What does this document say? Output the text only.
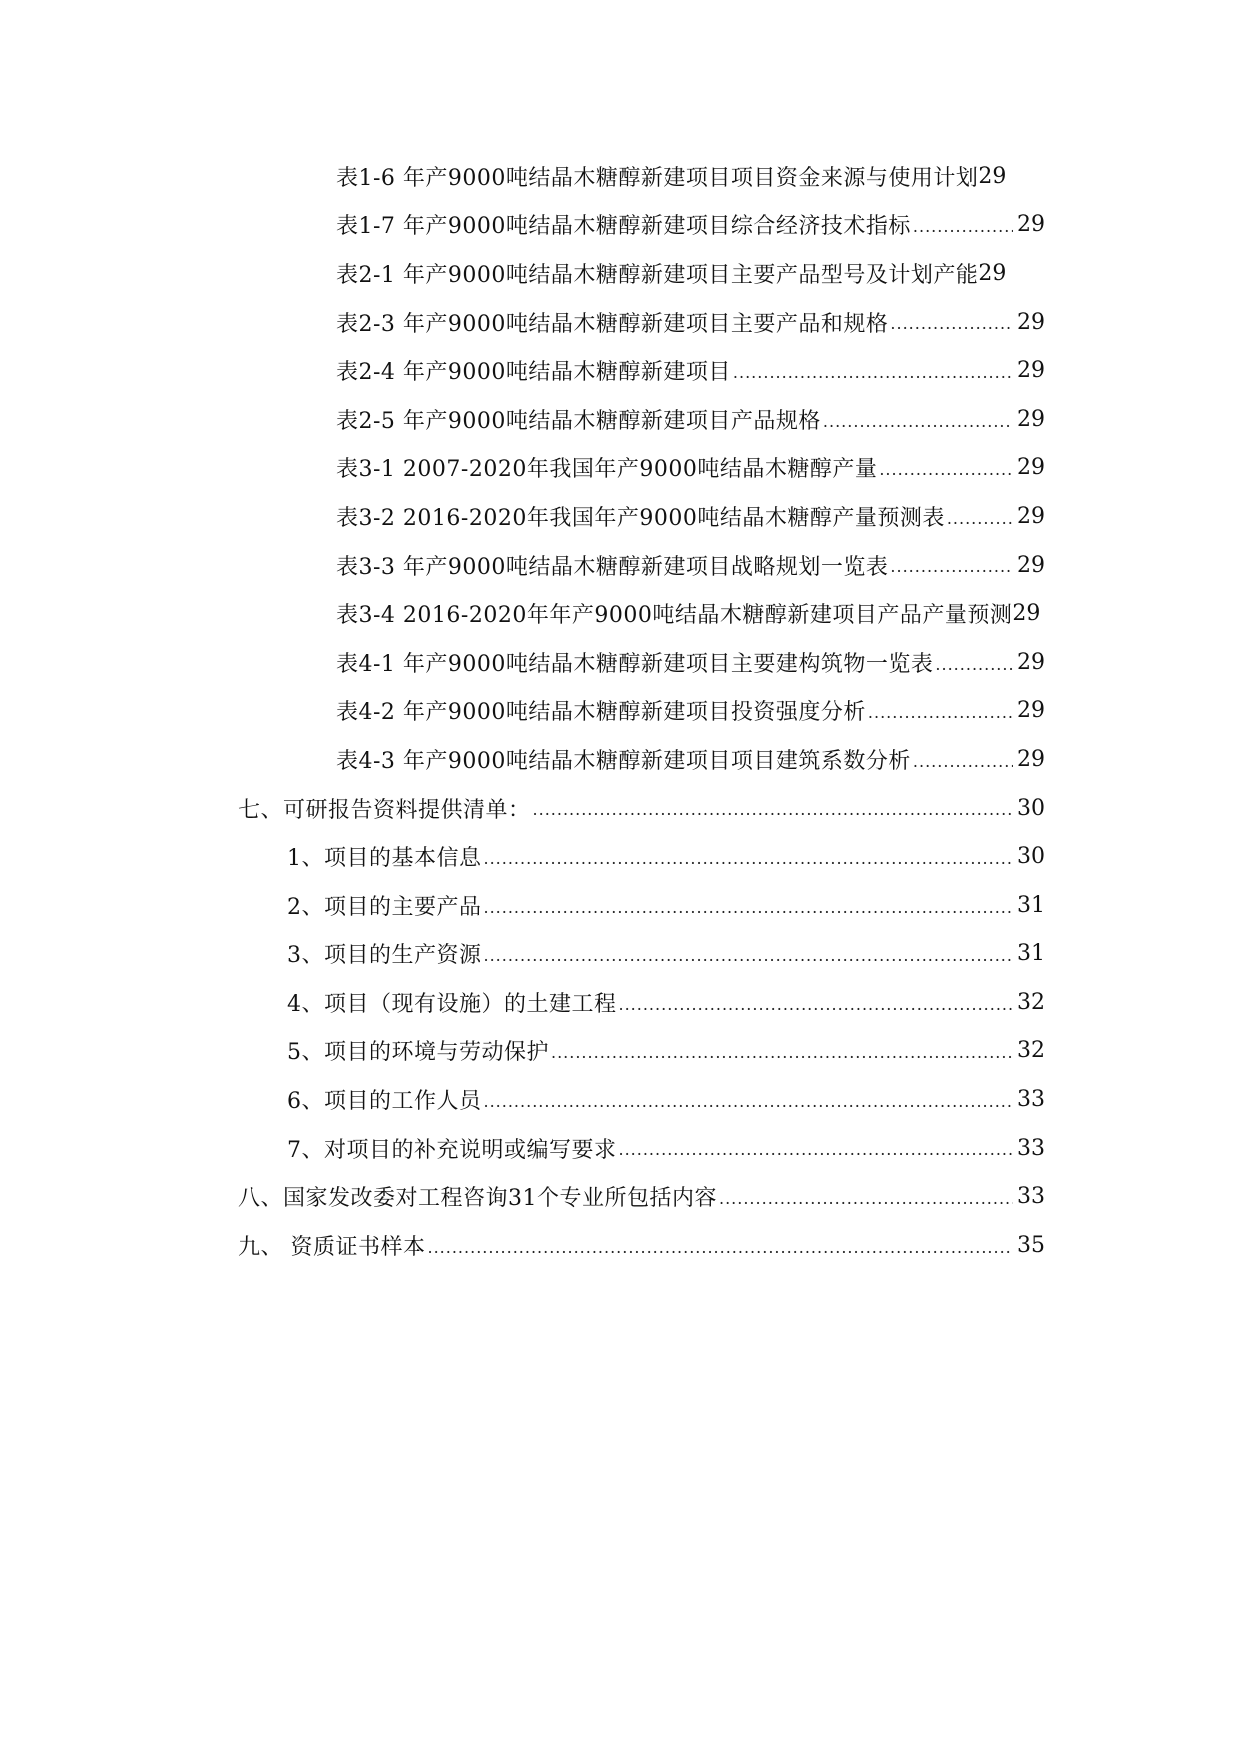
表1-6 年产9000吨结晶木糖醇新建项目项目资金来源与使用计划 29
表1-7 年产9000吨结晶木糖醇新建项目综合经济技术指标 .....	29
表2-1 年产9000吨结晶木糖醇新建项目主要产品型号及计划产能 29
表2-3 年产9000吨结晶木糖醇新建项目主要产品和规格 .....	29
表2-4 年产9000吨结晶木糖醇新建项目 .....	29
表2-5 年产9000吨结晶木糖醇新建项目产品规格 .....	29
表3-1 2007-2020年我国年产9000吨结晶木糖醇产量 .....	29
表3-2 2016-2020年我国年产9000吨结晶木糖醇产量预测表 .....	29
表3-3 年产9000吨结晶木糖醇新建项目战略规划一览表 .....	29
表3-4 2016-2020年年产9000吨结晶木糖醇新建项目产品产量预测 29
表4-1 年产9000吨结晶木糖醇新建项目主要建构筑物一览表 .....	29
表4-2 年产9000吨结晶木糖醇新建项目投资强度分析 .....	29
表4-3 年产9000吨结晶木糖醇新建项目项目建筑系数分析 .....	29
七、可研报告资料提供清单： .....	30
1、项目的基本信息 .....	30
2、项目的主要产品 .....	31
3、项目的生产资源 .....	31
4、项目（现有设施）的土建工程 .....	32
5、项目的环境与劳动保护 .....	32
6、项目的工作人员 .....	33
7、对项目的补充说明或编写要求 .....	33
八、国家发改委对工程咨询31个专业所包括内容 .....	33
九、 资质证书样本 .....	35
